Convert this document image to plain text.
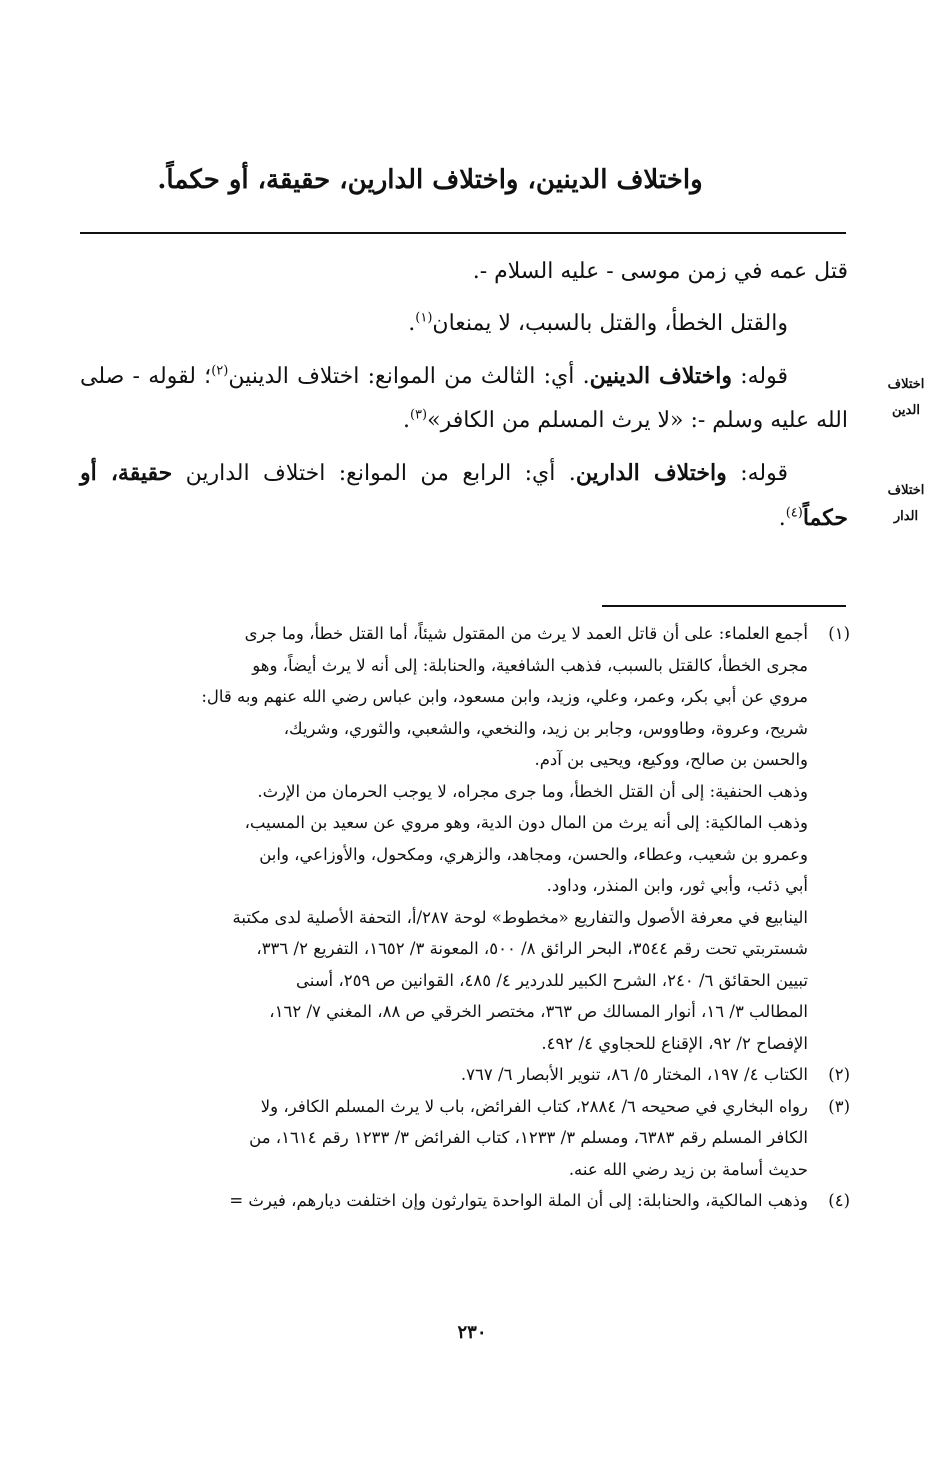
واختلاف الدينين، واختلاف الدارين، حقيقة، أو حكماً.

قتل عمه في زمن موسى - عليه السلام -.

والقتل الخطأ، والقتل بالسبب، لا يمنعان$^{(١)}$.

قوله: واختلاف الدينين. أي: الثالث من الموانع: اختلاف الدينين$^{(٢)}$؛ لقوله - صلى الله عليه وسلم -: «لا يرث المسلم من الكافر»$^{(٣)}$.

قوله: واختلاف الدارين. أي: الرابع من الموانع: اختلاف الدارين حقيقة، أو حكماً$^{(٤)}$.

اختلاف
الدين
اختلاف
الدار
(١)
أجمع العلماء: على أن قاتل العمد لا يرث من المقتول شيئاً، أما القتل خطأ، وما جرى
مجرى الخطأ، كالقتل بالسبب، فذهب الشافعية، والحنابلة: إلى أنه لا يرث أيضاً، وهو
مروي عن أبي بكر، وعمر، وعلي، وزيد، وابن مسعود، وابن عباس رضي الله عنهم وبه قال:
شريح، وعروة، وطاووس، وجابر بن زيد، والنخعي، والشعبي، والثوري، وشريك،
والحسن بن صالح، ووكيع، ويحيى بن آدم.
وذهب الحنفية: إلى أن القتل الخطأ، وما جرى مجراه، لا يوجب الحرمان من الإرث.
وذهب المالكية: إلى أنه يرث من المال دون الدية، وهو مروي عن سعيد بن المسيب،
وعمرو بن شعيب، وعطاء، والحسن، ومجاهد، والزهري، ومكحول، والأوزاعي، وابن
أبي ذئب، وأبي ثور، وابن المنذر، وداود.
الينابيع في معرفة الأصول والتفاريع «مخطوط» لوحة ٢٨٧/أ، التحفة الأصلية لدى مكتبة
شستربتي تحت رقم ٣٥٤٤، البحر الرائق ٨/ ٥٠٠، المعونة ٣/ ١٦٥٢، التفريع ٢/ ٣٣٦،
تبيين الحقائق ٦/ ٢٤٠، الشرح الكبير للدردير ٤/ ٤٨٥، القوانين ص ٢٥٩، أسنى
المطالب ٣/ ١٦، أنوار المسالك ص ٣٦٣، مختصر الخرقي ص ٨٨، المغني ٧/ ١٦٢،
الإفصاح ٢/ ٩٢، الإقناع للحجاوي ٤/ ٤٩٢.
(٢)
الكتاب ٤/ ١٩٧، المختار ٥/ ٨٦، تنوير الأبصار ٦/ ٧٦٧.
(٣)
رواه البخاري في صحيحه ٦/ ٢٨٨٤، كتاب الفرائض، باب لا يرث المسلم الكافر، ولا
الكافر المسلم رقم ٦٣٨٣، ومسلم ٣/ ١٢٣٣، كتاب الفرائض ٣/ ١٢٣٣ رقم ١٦١٤، من
حديث أسامة بن زيد رضي الله عنه.
(٤)
وذهب المالكية، والحنابلة: إلى أن الملة الواحدة يتوارثون وإن اختلفت ديارهم، فيرث =
٢٣٠
